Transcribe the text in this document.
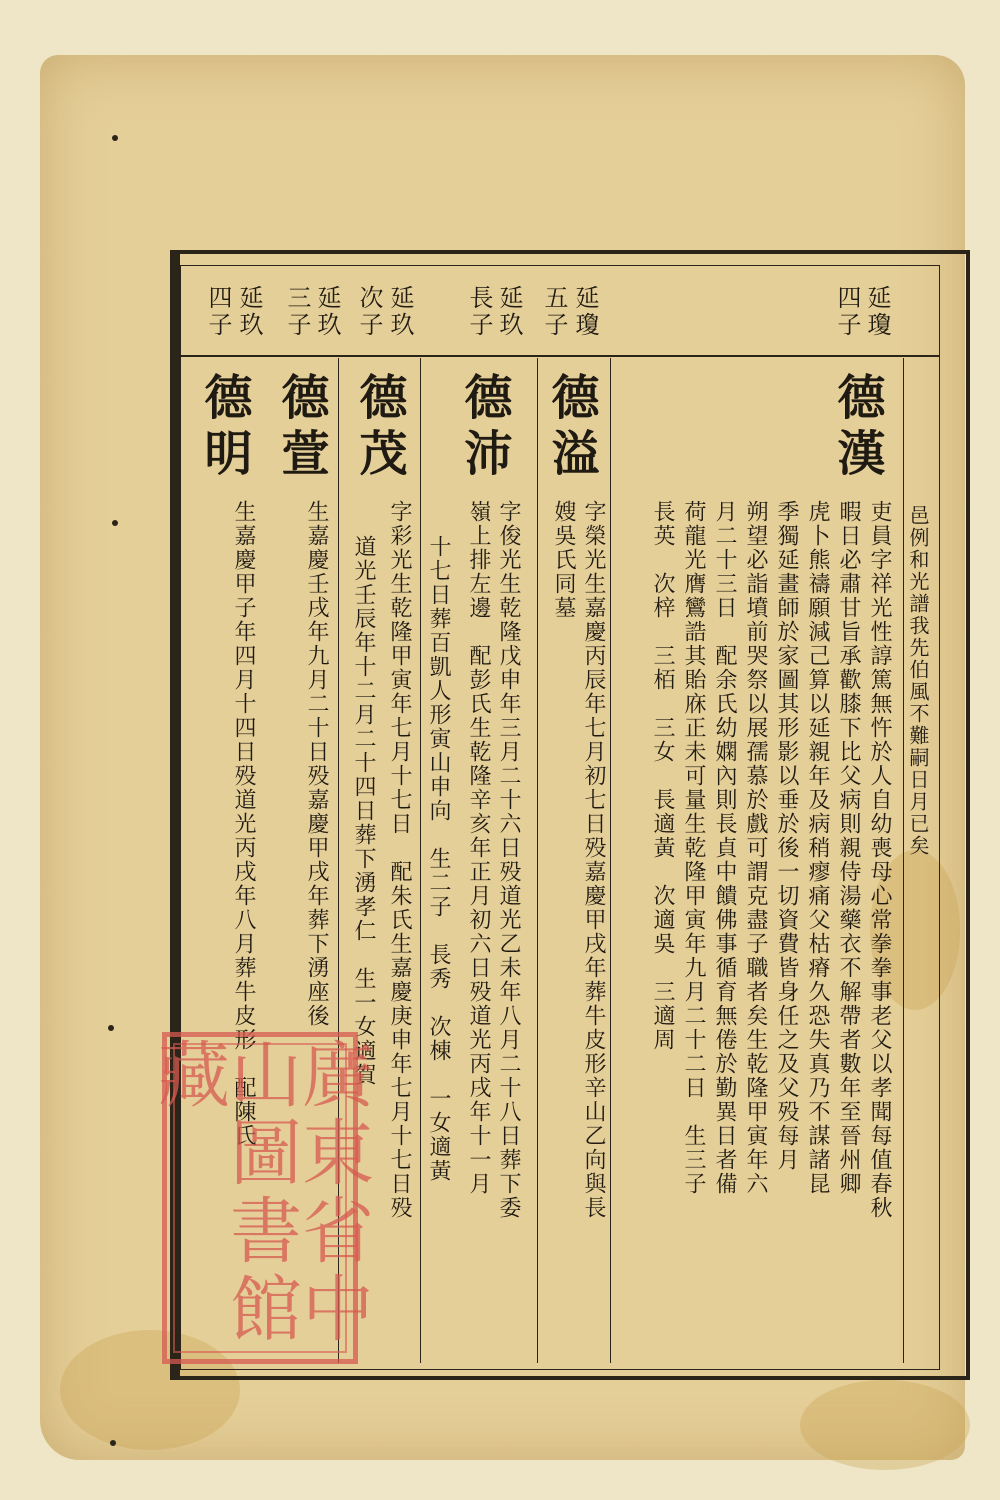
延瓊
四子
延瓊
五子
延玖
長子
延玖
次子
延玖
三子
延玖
四子
德漢
邑例和光譜我先伯風不難嗣日月已矣
吏員字祥光性諄篤無忤於人自幼喪母心常拳拳事老父以孝聞每值春秋
暇日必肅甘旨承歡膝下比父病則親侍湯藥衣不解帶者數年至晉州卿
虎卜熊禱願減己算以延親年及病稍瘳痛父枯瘠久恐失真乃不謀諸昆
季獨延畫師於家圖其形影以垂於後一切資費皆身任之及父殁每月
朔望必詣墳前哭祭以展孺慕於戲可謂克盡子職者矣生乾隆甲寅年六
月二十三日　配余氏幼嫻內則長貞中饋佛事循育無倦於勤異日者備
荷龍光膺鸞誥其貽庥正未可量生乾隆甲寅年九月二十二日　生三子
長英　次梓　三栢　三女　長適黃　次適吳　三適周
德溢
字榮光生嘉慶丙辰年七月初七日殁嘉慶甲戌年葬牛皮形辛山乙向與長
嫂吳氏同墓
德沛
字俊光生乾隆戊申年三月二十六日殁道光乙未年八月二十八日葬下委
嶺上排左邊　配彭氏生乾隆辛亥年正月初六日殁道光丙戌年十一月
十七日葬百凱人形寅山申向　生二子　長秀　次棟　一女適黃
德茂
字彩光生乾隆甲寅年七月十七日　配朱氏生嘉慶庚申年七月十七日殁
道光壬辰年十二月二十四日葬下湧孝仁　生一女適賀
德萱
生嘉慶壬戌年九月二十日殁嘉慶甲戌年葬下湧座後
德明
生嘉慶甲子年四月十四日殁道光丙戌年八月葬牛皮形　配陳氏
廣東省中山圖書館藏
